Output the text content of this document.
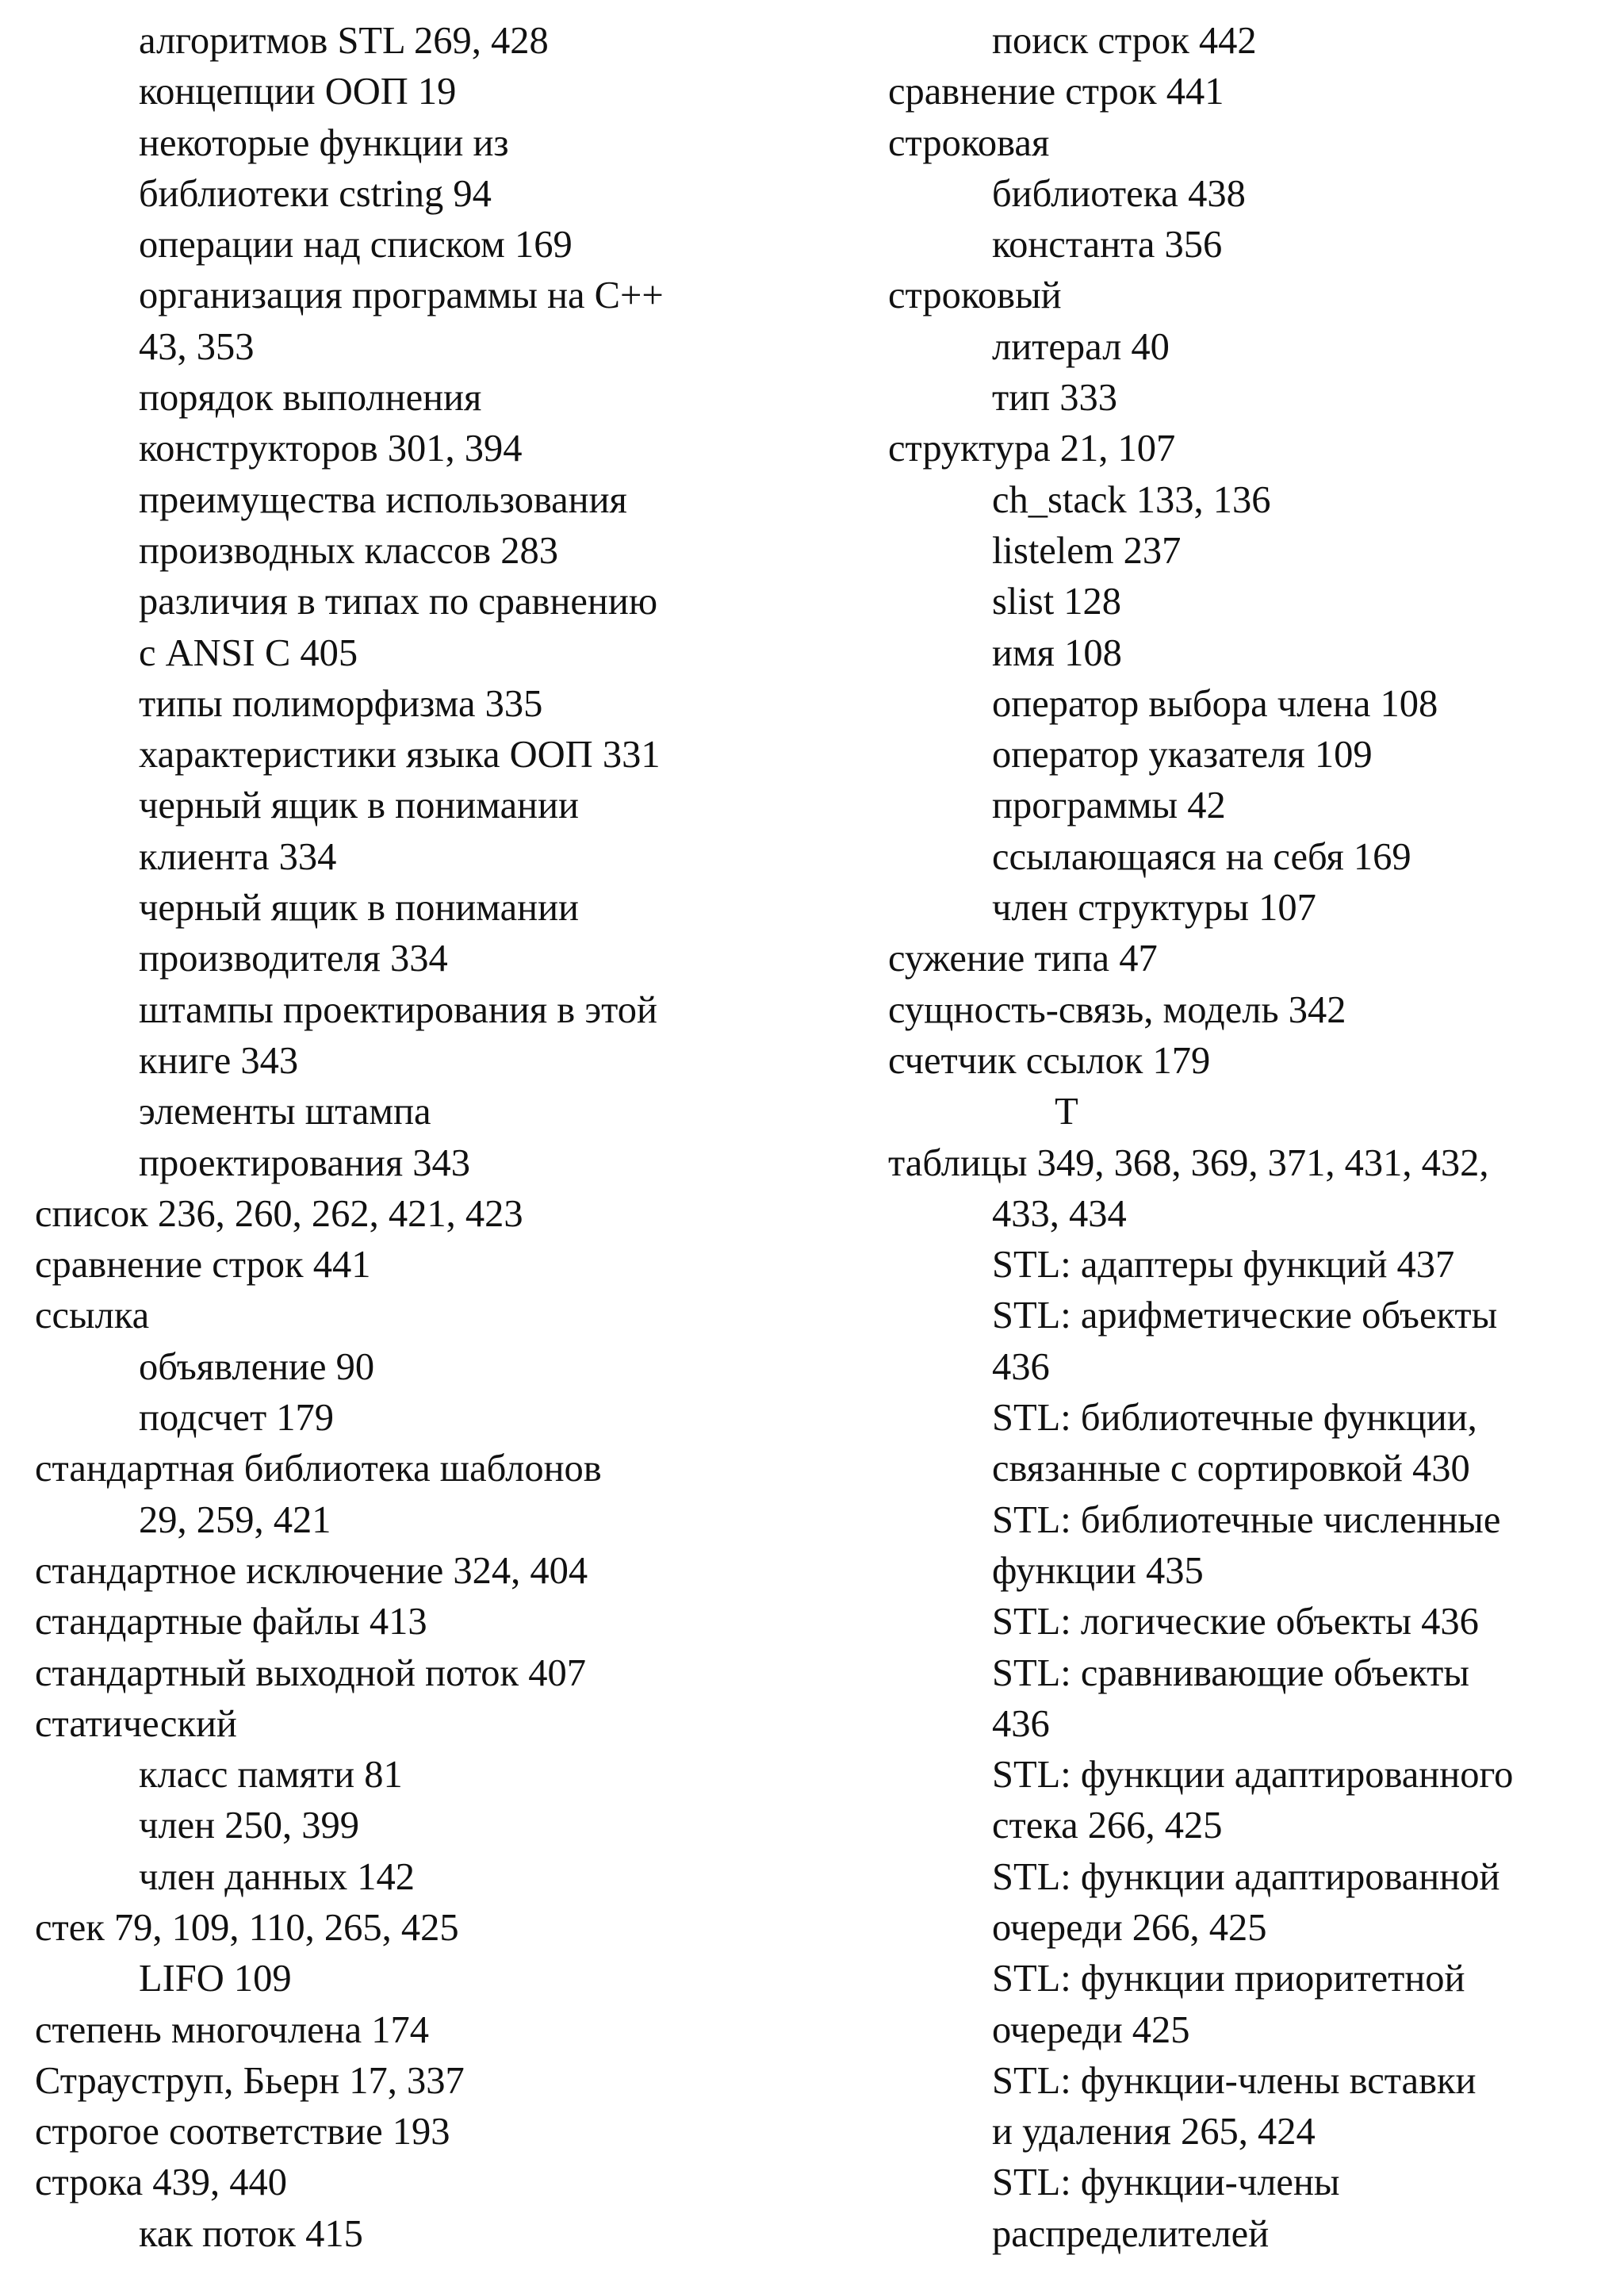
алгоритмов STL 269, 428
концепции ООП 19
некоторые функции из
библиотеки cstring 94
операции над списком 169
организация программы на С++
43, 353
порядок выполнения
конструкторов 301, 394
преимущества использования
производных классов 283
различия в типах по сравнению
с ANSI С 405
типы полиморфизма 335
характеристики языка ООП 331
черный ящик в понимании
клиента 334
черный ящик в понимании
производителя 334
штампы проектирования в этой
книге 343
элементы штампа
проектирования 343
список 236, 260, 262, 421, 423
сравнение строк 441
ссылка
объявление 90
подсчет 179
стандартная библиотека шаблонов
29, 259, 421
стандартное исключение 324, 404
стандартные файлы 413
стандартный выходной поток 407
статический
класс памяти 81
член 250, 399
член данных 142
стек 79, 109, 110, 265, 425
LIFO 109
степень многочлена 174
Страуструп, Бьерн 17, 337
строгое соответствие 193
строка 439, 440
как поток 415
поиск строк 442
сравнение строк 441
строковая
библиотека 438
константа 356
строковый
литерал 40
тип 333
структура 21, 107
ch_stack 133, 136
listelem 237
slist 128
имя 108
оператор выбора члена 108
оператор указателя 109
программы 42
ссылающаяся на себя 169
член структуры 107
сужение типа 47
сущность-связь, модель 342
счетчик ссылок 179
Т
таблицы 349, 368, 369, 371, 431, 432,
433, 434
STL: адаптеры функций 437
STL: арифметические объекты
436
STL: библиотечные функции,
связанные с сортировкой 430
STL: библиотечные численные
функции 435
STL: логические объекты 436
STL: сравнивающие объекты
436
STL: функции адаптированного
стека 266, 425
STL: функции адаптированной
очереди 266, 425
STL: функции приоритетной
очереди 425
STL: функции-члены вставки
и удаления 265, 424
STL: функции-члены
распределителей
